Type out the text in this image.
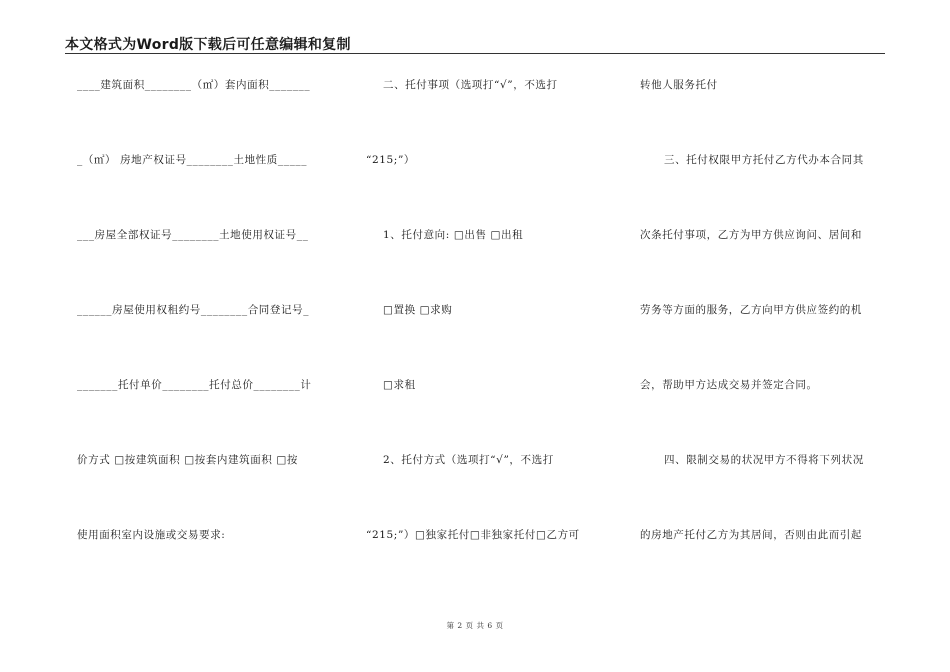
本文格式为Word版下载后可任意编辑和复制
____建筑面积________（㎡）套内面积_______
_（㎡） 房地产权证号________土地性质_____
___房屋全部权证号________土地使用权证号__
______房屋使用权租约号________合同登记号_
_______托付单价________托付总价________计
价方式 □按建筑面积 □按套内建筑面积 □按
使用面积室内设施或交易要求:
二、托付事项（选项打“√”，不选打
“215;”）
1、托付意向: □出售 □出租
□置换 □求购
□求租
2、托付方式（选项打“√”，不选打
“215;”）□独家托付□非独家托付□乙方可
转他人服务托付
三、托付权限甲方托付乙方代办本合同其
次条托付事项，乙方为甲方供应询问、居间和
劳务等方面的服务，乙方向甲方供应签约的机
会，帮助甲方达成交易并签定合同。
四、限制交易的状况甲方不得将下列状况
的房地产托付乙方为其居间，否则由此而引起
第 2 页 共 6 页
